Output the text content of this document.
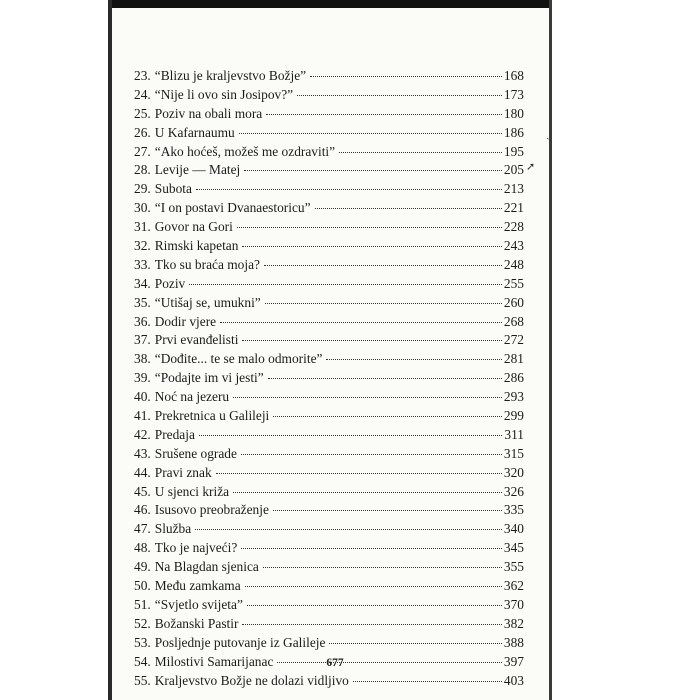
23. “Blizu je kraljevstvo Božje”	168
24. “Nije li ovo sin Josipov?”	173
25. Poziv na obali mora	180
26. U Kafarnaumu	186
27. “Ako hoćeš, možeš me ozdraviti”	195
28. Levije — Matej	205
29. Subota	213
30. “I on postavi Dvanaestoricu”	221
31. Govor na Gori	228
32. Rimski kapetan	243
33. Tko su braća moja?	248
34. Poziv	255
35. “Utišaj se, umukni”	260
36. Dodir vjere	268
37. Prvi evanđelisti	272
38. “Dođite... te se malo odmorite”	281
39. “Podajte im vi jesti”	286
40. Noć na jezeru	293
41. Prekretnica u Galileji	299
42. Predaja	311
43. Srušene ograde	315
44. Pravi znak	320
45. U sjenci križa	326
46. Isusovo preobraženje	335
47. Služba	340
48. Tko je najveći?	345
49. Na Blagdan sjenica	355
50. Među zamkama	362
51. “Svjetlo svijeta”	370
52. Božanski Pastir	382
53. Posljednje putovanje iz Galileje	388
54. Milostivi Samarijanac	397
55. Kraljevstvo Božje ne dolazi vidljivo	403
677
ˏ
➚
